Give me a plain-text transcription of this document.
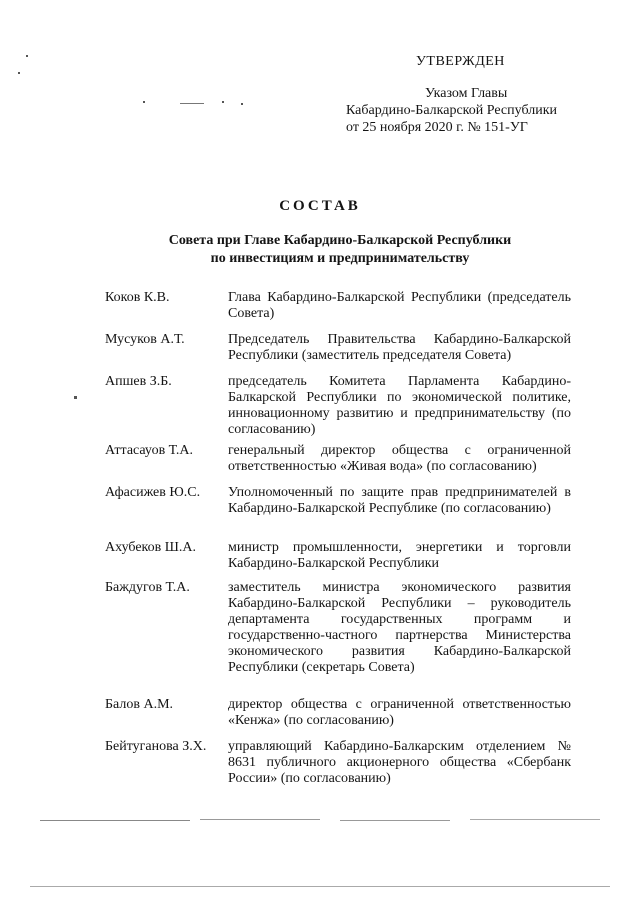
УТВЕРЖДЕН
Указом Главы
Кабардино-Балкарской Республики
от 25 ноября 2020 г. № 151-УГ
СОСТАВ
Совета при Главе Кабардино-Балкарской Республики
по инвестициям и предпринимательству
Коков К.В.	Глава Кабардино-Балкарской Республики (председатель Совета)
Мусуков А.Т.	Председатель Правительства Кабардино-Балкарской Республики (заместитель председателя Совета)
Апшев З.Б.	председатель Комитета Парламента Кабардино-Балкарской Республики по экономической политике, инновационному развитию и предпринимательству (по согласованию)
Аттасауов Т.А.	генеральный директор общества с ограниченной ответственностью «Живая вода» (по согласованию)
Афасижев Ю.С.	Уполномоченный по защите прав предпринимателей в Кабардино-Балкарской Республике (по согласованию)
Ахубеков Ш.А.	министр промышленности, энергетики и торговли Кабардино-Балкарской Республики
Баждугов Т.А.	заместитель министра экономического развития Кабардино-Балкарской Республики – руководитель департамента государственных программ и государственно-частного партнерства Министерства экономического развития Кабардино-Балкарской Республики (секретарь Совета)
Балов А.М.	директор общества с ограниченной ответственностью «Кенжа» (по согласованию)
Бейтуганова З.Х.	управляющий Кабардино-Балкарским отделением № 8631 публичного акционерного общества «Сбербанк России» (по согласованию)
